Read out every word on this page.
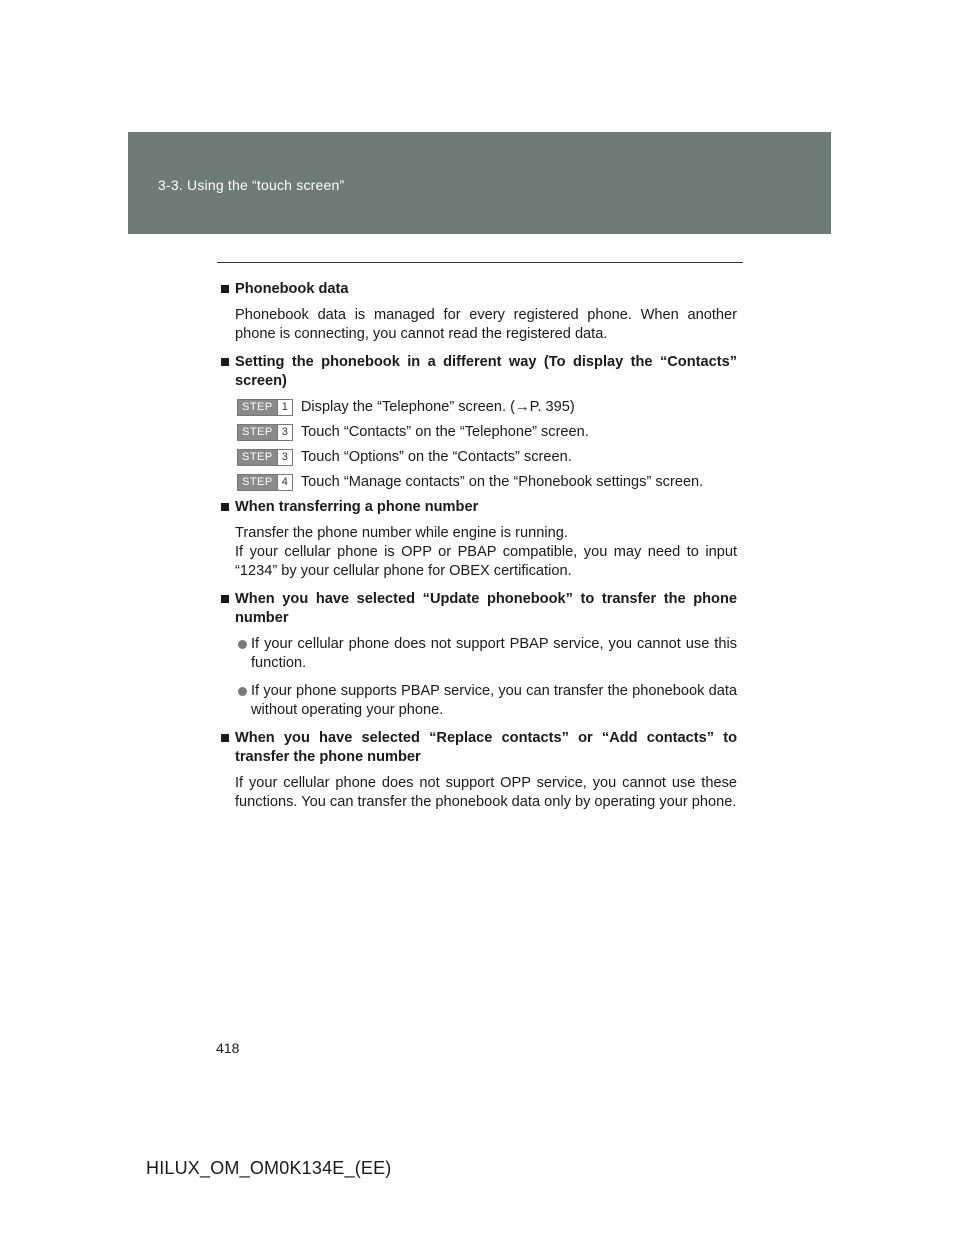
3-3. Using the “touch screen”
Phonebook data
Phonebook data is managed for every registered phone. When another phone is connecting, you cannot read the registered data.
Setting the phonebook in a different way (To display the “Contacts” screen)
STEP 1 Display the “Telephone” screen. (→P. 395)
STEP 3 Touch “Contacts” on the “Telephone” screen.
STEP 3 Touch “Options” on the “Contacts” screen.
STEP 4 Touch “Manage contacts” on the “Phonebook settings” screen.
When transferring a phone number
Transfer the phone number while engine is running.
If your cellular phone is OPP or PBAP compatible, you may need to input “1234” by your cellular phone for OBEX certification.
When you have selected “Update phonebook” to transfer the phone number
If your cellular phone does not support PBAP service, you cannot use this function.
If your phone supports PBAP service, you can transfer the phonebook data without operating your phone.
When you have selected “Replace contacts” or “Add contacts” to transfer the phone number
If your cellular phone does not support OPP service, you cannot use these functions. You can transfer the phonebook data only by operating your phone.
418
HILUX_OM_OM0K134E_(EE)
